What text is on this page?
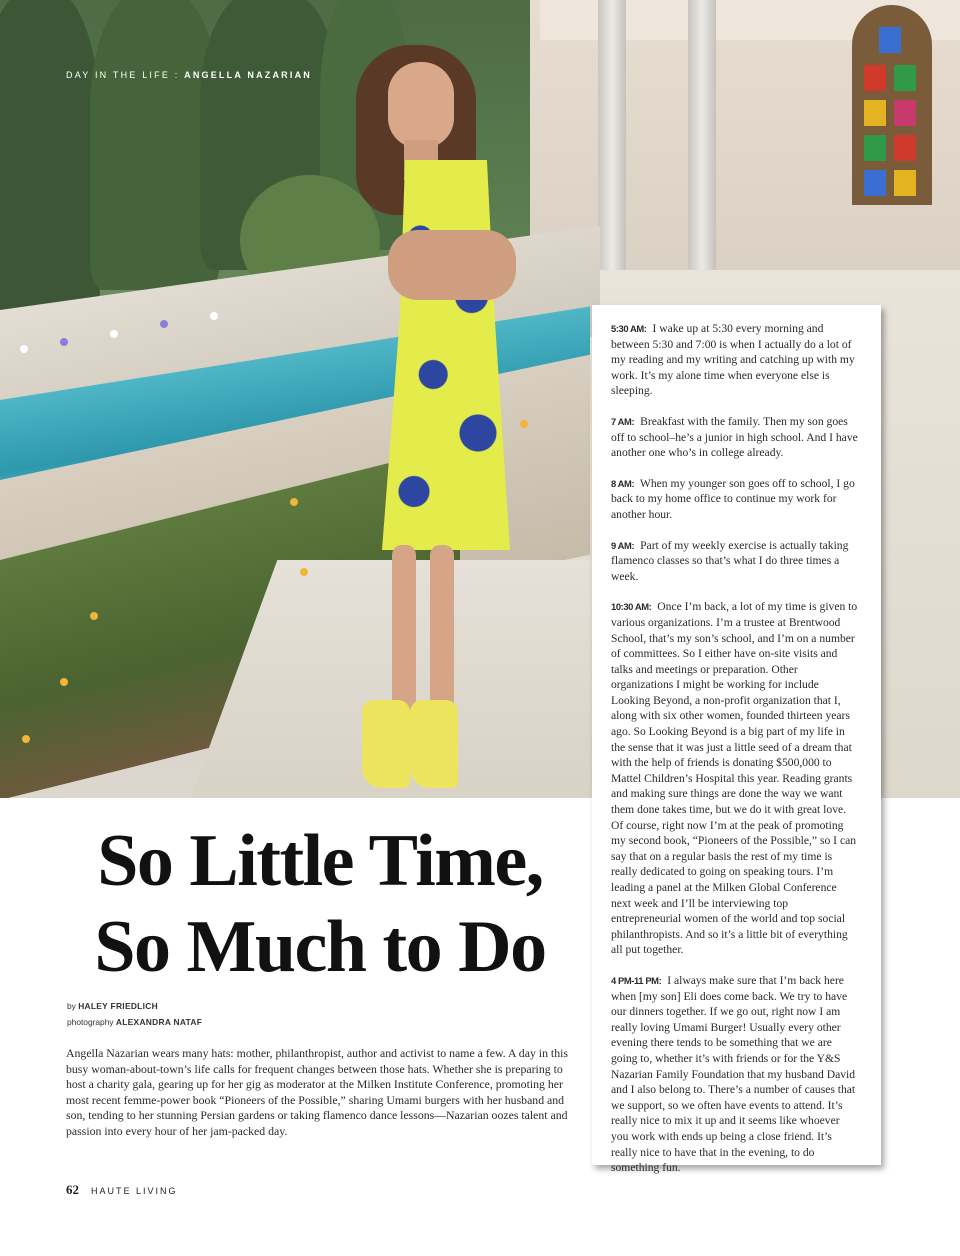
DAY IN THE LIFE : ANGELLA NAZARIAN

5:30 AM: I wake up at 5:30 every morning and between 5:30 and 7:00 is when I actually do a lot of my reading and my writing and catching up with my work. It’s my alone time when everyone else is sleeping.

7 AM: Breakfast with the family. Then my son goes off to school–he’s a junior in high school. And I have another one who’s in college already.

8 AM: When my younger son goes off to school, I go back to my home office to continue my work for another hour.

9 AM: Part of my weekly exercise is actually taking flamenco classes so that’s what I do three times a week.

10:30 AM: Once I’m back, a lot of my time is given to various organizations. I’m a trustee at Brentwood School, that’s my son’s school, and I’m on a number of committees. So I either have on-site visits and talks and meetings or preparation. Other organizations I might be working for include Looking Beyond, a non-profit organization that I, along with six other women, founded thirteen years ago. So Looking Beyond is a big part of my life in the sense that it was just a little seed of a dream that with the help of friends is donating $500,000 to Mattel Children’s Hospital this year. Reading grants and making sure things are done the way we want them done takes time, but we do it with great love. Of course, right now I’m at the peak of promoting my second book, “Pioneers of the Possible,” so I can say that on a regular basis the rest of my time is really dedicated to going on speaking tours. I’m leading a panel at the Milken Global Conference next week and I’ll be interviewing top entrepreneurial women of the world and top social philanthropists. And so it’s a little bit of everything all put together.

4 PM-11 PM: I always make sure that I’m back here when [my son] Eli does come back. We try to have our dinners together. If we go out, right now I am really loving Umami Burger! Usually every other evening there tends to be something that we are going to, whether it’s with friends or for the Y&S Nazarian Family Foundation that my husband David and I also belong to. There’s a number of causes that we support, so we often have events to attend. It’s really nice to mix it up and it seems like whoever you work with ends up being a close friend. It’s really nice to have that in the evening, to do something fun.

So Little Time,
So Much to Do
by HALEY FRIEDLICH
photography ALEXANDRA NATAF

Angella Nazarian wears many hats: mother, philanthropist, author and activist to name a few. A day in this busy woman-about-town’s life calls for frequent changes between those hats. Whether she is preparing to host a charity gala, gearing up for her gig as moderator at the Milken Institute Conference, promoting her most recent femme-power book “Pioneers of the Possible,” sharing Umami burgers with her husband and son, tending to her stunning Persian gardens or taking flamenco dance lessons—Nazarian oozes talent and passion into every hour of her jam-packed day.

62 HAUTE LIVING
